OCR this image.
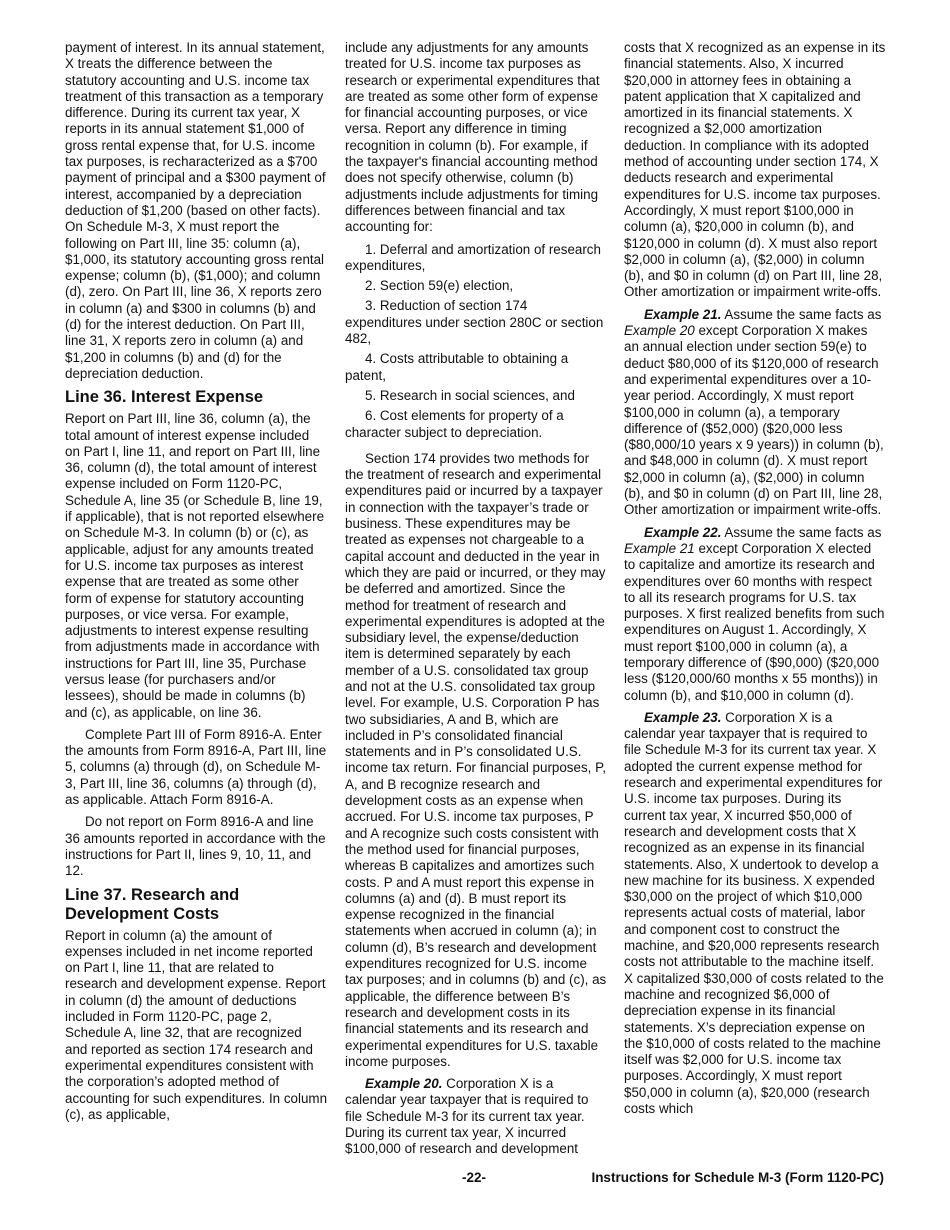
payment of interest. In its annual statement, X treats the difference between the statutory accounting and U.S. income tax treatment of this transaction as a temporary difference. During its current tax year, X reports in its annual statement $1,000 of gross rental expense that, for U.S. income tax purposes, is recharacterized as a $700 payment of principal and a $300 payment of interest, accompanied by a depreciation deduction of $1,200 (based on other facts). On Schedule M-3, X must report the following on Part III, line 35: column (a), $1,000, its statutory accounting gross rental expense; column (b), ($1,000); and column (d), zero. On Part III, line 36, X reports zero in column (a) and $300 in columns (b) and (d) for the interest deduction. On Part III, line 31, X reports zero in column (a) and $1,200 in columns (b) and (d) for the depreciation deduction.

Line 36. Interest Expense

Report on Part III, line 36, column (a), the total amount of interest expense included on Part I, line 11, and report on Part III, line 36, column (d), the total amount of interest expense included on Form 1120-PC, Schedule A, line 35 (or Schedule B, line 19, if applicable), that is not reported elsewhere on Schedule M-3. In column (b) or (c), as applicable, adjust for any amounts treated for U.S. income tax purposes as interest expense that are treated as some other form of expense for statutory accounting purposes, or vice versa. For example, adjustments to interest expense resulting from adjustments made in accordance with instructions for Part III, line 35, Purchase versus lease (for purchasers and/or lessees), should be made in columns (b) and (c), as applicable, on line 36.

Complete Part III of Form 8916-A. Enter the amounts from Form 8916-A, Part III, line 5, columns (a) through (d), on Schedule M-3, Part III, line 36, columns (a) through (d), as applicable. Attach Form 8916-A.

Do not report on Form 8916-A and line 36 amounts reported in accordance with the instructions for Part II, lines 9, 10, 11, and 12.

Line 37. Research and Development Costs

Report in column (a) the amount of expenses included in net income reported on Part I, line 11, that are related to research and development expense. Report in column (d) the amount of deductions included in Form 1120-PC, page 2, Schedule A, line 32, that are recognized and reported as section 174 research and experimental expenditures consistent with the corporation’s adopted method of accounting for such expenditures. In column (c), as applicable,

include any adjustments for any amounts treated for U.S. income tax purposes as research or experimental expenditures that are treated as some other form of expense for financial accounting purposes, or vice versa. Report any difference in timing recognition in column (b). For example, if the taxpayer's financial accounting method does not specify otherwise, column (b) adjustments include adjustments for timing differences between financial and tax accounting for:

1. Deferral and amortization of research expenditures,

2. Section 59(e) election,

3. Reduction of section 174 expenditures under section 280C or section 482,

4. Costs attributable to obtaining a patent,

5. Research in social sciences, and

6. Cost elements for property of a character subject to depreciation.

Section 174 provides two methods for the treatment of research and experimental expenditures paid or incurred by a taxpayer in connection with the taxpayer’s trade or business. These expenditures may be treated as expenses not chargeable to a capital account and deducted in the year in which they are paid or incurred, or they may be deferred and amortized. Since the method for treatment of research and experimental expenditures is adopted at the subsidiary level, the expense/deduction item is determined separately by each member of a U.S. consolidated tax group and not at the U.S. consolidated tax group level. For example, U.S. Corporation P has two subsidiaries, A and B, which are included in P’s consolidated financial statements and in P’s consolidated U.S. income tax return. For financial purposes, P, A, and B recognize research and development costs as an expense when accrued. For U.S. income tax purposes, P and A recognize such costs consistent with the method used for financial purposes, whereas B capitalizes and amortizes such costs. P and A must report this expense in columns (a) and (d). B must report its expense recognized in the financial statements when accrued in column (a); in column (d), B’s research and development expenditures recognized for U.S. income tax purposes; and in columns (b) and (c), as applicable, the difference between B’s research and development costs in its financial statements and its research and experimental expenditures for U.S. taxable income purposes.

Example 20. Corporation X is a calendar year taxpayer that is required to file Schedule M-3 for its current tax year. During its current tax year, X incurred $100,000 of research and development

costs that X recognized as an expense in its financial statements. Also, X incurred $20,000 in attorney fees in obtaining a patent application that X capitalized and amortized in its financial statements. X recognized a $2,000 amortization deduction. In compliance with its adopted method of accounting under section 174, X deducts research and experimental expenditures for U.S. income tax purposes. Accordingly, X must report $100,000 in column (a), $20,000 in column (b), and $120,000 in column (d). X must also report $2,000 in column (a), ($2,000) in column (b), and $0 in column (d) on Part III, line 28, Other amortization or impairment write-offs.

Example 21. Assume the same facts as Example 20 except Corporation X makes an annual election under section 59(e) to deduct $80,000 of its $120,000 of research and experimental expenditures over a 10-year period. Accordingly, X must report $100,000 in column (a), a temporary difference of ($52,000) ($20,000 less ($80,000/10 years x 9 years)) in column (b), and $48,000 in column (d). X must report $2,000 in column (a), ($2,000) in column (b), and $0 in column (d) on Part III, line 28, Other amortization or impairment write-offs.

Example 22. Assume the same facts as Example 21 except Corporation X elected to capitalize and amortize its research and expenditures over 60 months with respect to all its research programs for U.S. tax purposes. X first realized benefits from such expenditures on August 1. Accordingly, X must report $100,000 in column (a), a temporary difference of ($90,000) ($20,000 less ($120,000/60 months x 55 months)) in column (b), and $10,000 in column (d).

Example 23. Corporation X is a calendar year taxpayer that is required to file Schedule M-3 for its current tax year. X adopted the current expense method for research and experimental expenditures for U.S. income tax purposes. During its current tax year, X incurred $50,000 of research and development costs that X recognized as an expense in its financial statements. Also, X undertook to develop a new machine for its business. X expended $30,000 on the project of which $10,000 represents actual costs of material, labor and component cost to construct the machine, and $20,000 represents research costs not attributable to the machine itself. X capitalized $30,000 of costs related to the machine and recognized $6,000 of depreciation expense in its financial statements. X’s depreciation expense on the $10,000 of costs related to the machine itself was $2,000 for U.S. income tax purposes. Accordingly, X must report $50,000 in column (a), $20,000 (research costs which

-22-	Instructions for Schedule M-3 (Form 1120-PC)
